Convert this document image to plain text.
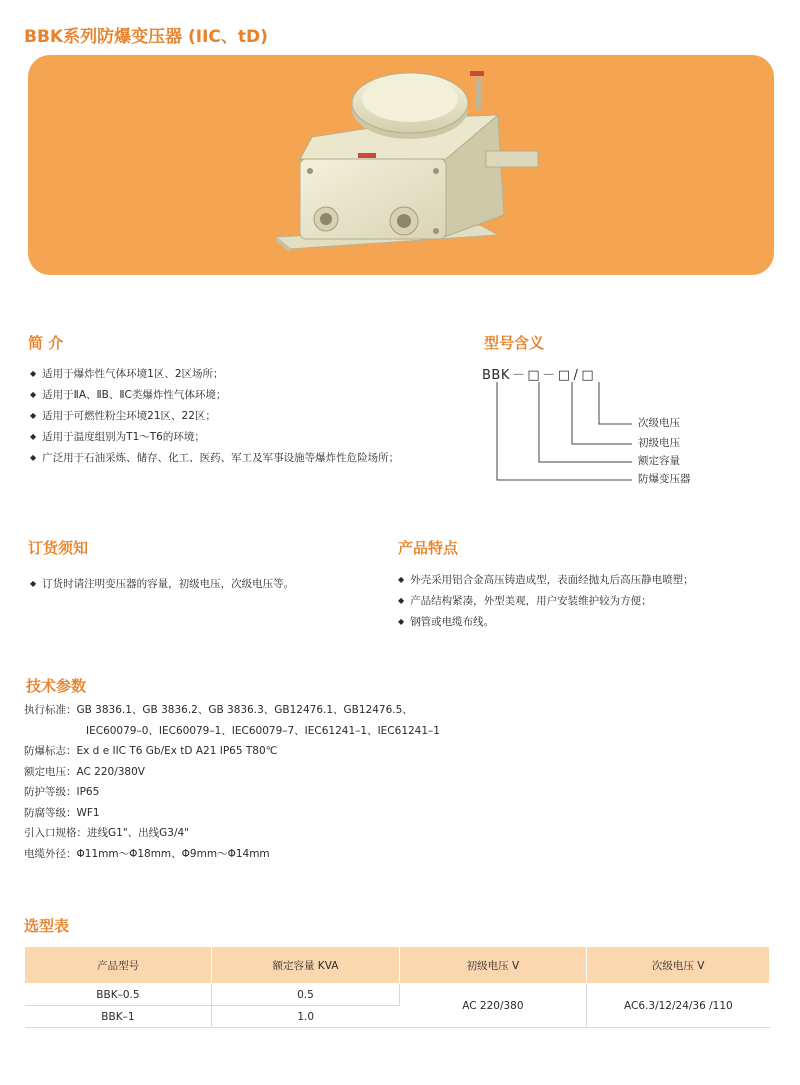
BBK系列防爆变压器 (IIC、tD)
简 介
◆ 适用于爆炸性气体环境1区、2区场所；
◆ 适用于ⅡA、ⅡB、ⅡC类爆炸性气体环境；
◆ 适用于可燃性粉尘环境21区、22区；
◆ 适用于温度组别为T1～T6的环境；
◆ 广泛用于石油采炼、储存、化工、医药、军工及军事设施等爆炸性危险场所；
型号含义
BBK － □ － □ / □
次级电压
初级电压
额定容量
防爆变压器
订货须知
◆ 订货时请注明变压器的容量，初级电压，次级电压等。
产品特点
◆ 外壳采用铝合金高压铸造成型，表面经抛丸后高压静电喷塑；
◆ 产品结构紧凑，外型美观，用户安装维护较为方便；
◆ 钢管或电缆布线。
技术参数
执行标准：GB 3836.1、GB 3836.2、GB 3836.3、GB12476.1、GB12476.5、
IEC60079–0、IEC60079–1、IEC60079–7、IEC61241–1、IEC61241–1
防爆标志：Ex d e IIC T6 Gb/Ex tD A21 IP65 T80℃
额定电压：AC 220/380V
防护等级：IP65
防腐等级：WF1
引入口规格：进线G1"、出线G3/4"
电缆外径：Φ11mm～Φ18mm、Φ9mm～Φ14mm
选型表
产品型号	额定容量 KVA	初级电压 V	次级电压 V
BBK–0.5	0.5	AC 220/380	AC6.3/12/24/36 /110
BBK–1	1.0		
